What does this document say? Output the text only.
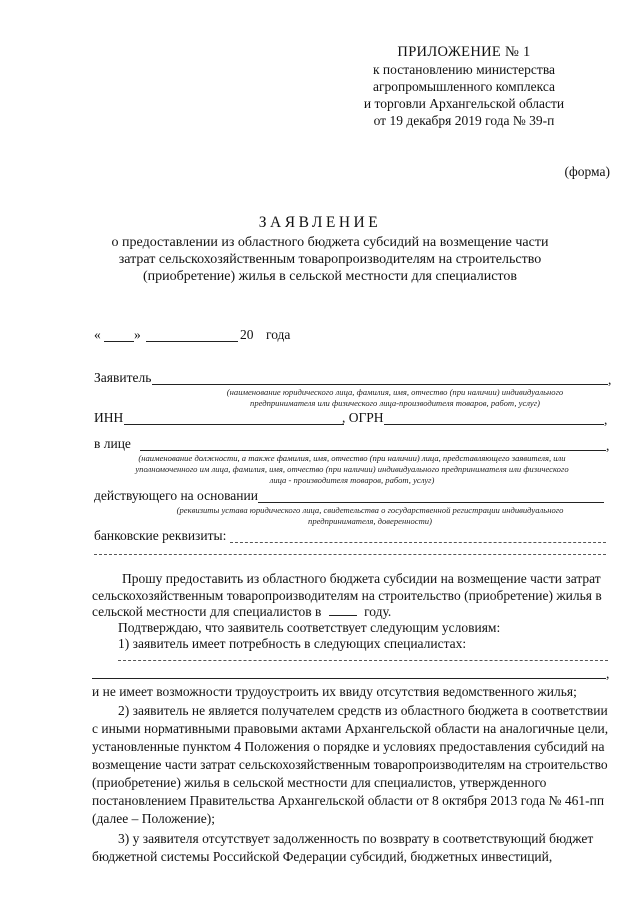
ПРИЛОЖЕНИЕ № 1
к постановлению министерства
агропромышленного комплекса
и торговли Архангельской области
от 19 декабря 2019 года № 39-п
(форма)
ЗАЯВЛЕНИЕ
о предоставлении из областного бюджета субсидий на возмещение части
затрат сельскохозяйственным товаропроизводителям на строительство
(приобретение) жилья в сельской местности для специалистов
« »	20 года
Заявитель	,
(наименование юридического лица, фамилия, имя, отчество (при наличии) индивидуального
предпринимателя или физического лица-производителя товаров, работ, услуг)
ИНН	, ОГРН	,
в лице	,
(наименование должности, а также фамилия, имя, отчество (при наличии) лица, представляющего заявителя, или
уполномоченного им лица, фамилия, имя, отчество (при наличии) индивидуального предпринимателя или физического
лица - производителя товаров, работ, услуг)
действующего на основании
(реквизиты устава юридического лица, свидетельства о государственной регистрации индивидуального
предпринимателя, доверенности)
банковские реквизиты:
Прошу предоставить из областного бюджета субсидии на возмещение части затрат
сельскохозяйственным товаропроизводителям на строительство (приобретение) жилья в
сельской местности для специалистов в	году.
Подтверждаю, что заявитель соответствует следующим условиям:
1) заявитель имеет потребность в следующих специалистах:
,
и не имеет возможности трудоустроить их ввиду отсутствия ведомственного жилья;
2) заявитель не является получателем средств из областного бюджета в соответствии
с иными нормативными правовыми актами Архангельской области на аналогичные цели,
установленные пунктом 4 Положения о порядке и условиях предоставления субсидий на
возмещение части затрат сельскохозяйственным товаропроизводителям на строительство
(приобретение) жилья в сельской местности для специалистов, утвержденного
постановлением Правительства Архангельской области от 8 октября 2013 года № 461-пп
(далее – Положение);
3) у заявителя отсутствует задолженность по возврату в соответствующий бюджет
бюджетной системы Российской Федерации субсидий, бюджетных инвестиций,
